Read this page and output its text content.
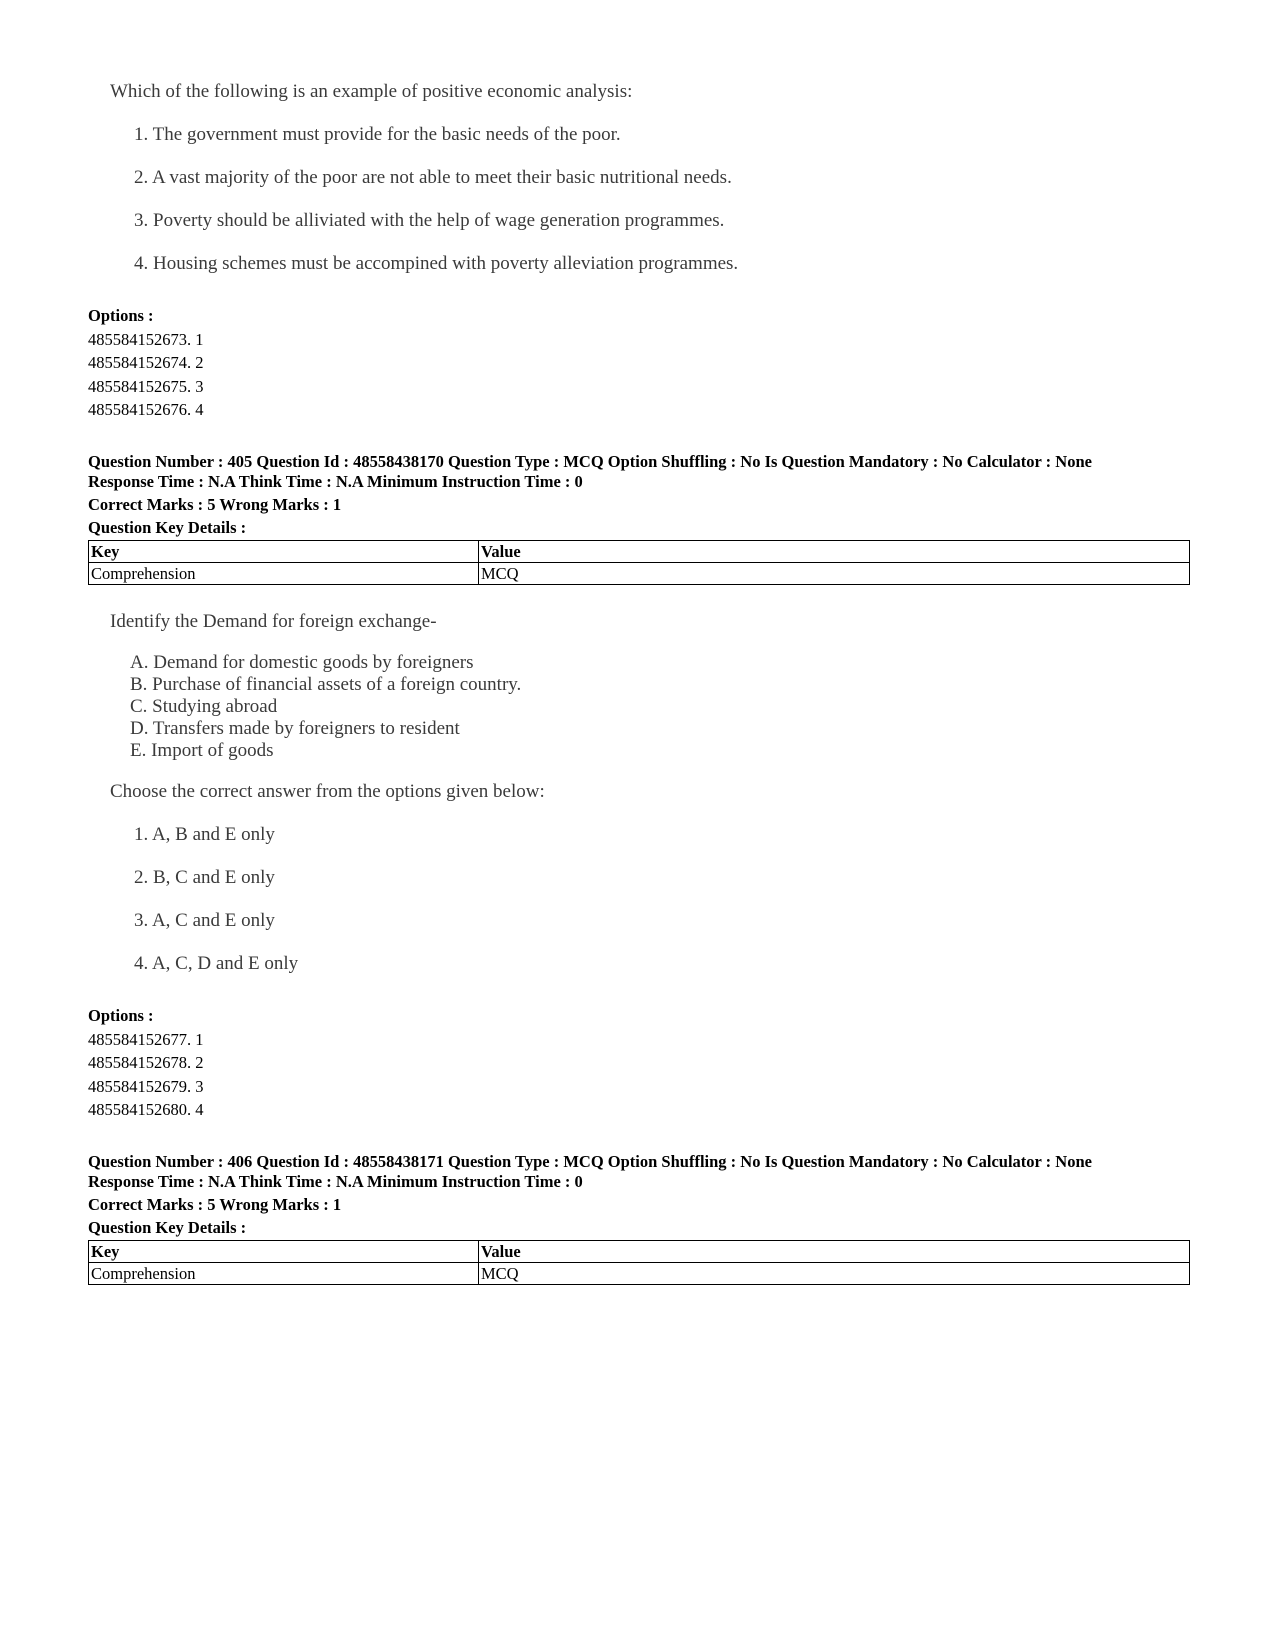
Which of the following is an example of positive economic analysis:

1. The government must provide for the basic needs of the poor.

2. A vast majority of the poor are not able to meet their basic nutritional needs.

3. Poverty should be alliviated with the help of wage generation programmes.

4. Housing schemes must be accompined with poverty alleviation programmes.

Options :
485584152673. 1
485584152674. 2
485584152675. 3
485584152676. 4
Question Number : 405 Question Id : 48558438170 Question Type : MCQ Option Shuffling : No Is Question Mandatory : No Calculator : None
Response Time : N.A Think Time : N.A Minimum Instruction Time : 0
Correct Marks : 5 Wrong Marks : 1
Question Key Details :
Key	Value
Comprehension	MCQ

Identify the Demand for foreign exchange-

A. Demand for domestic goods by foreigners

B. Purchase of financial assets of a foreign country.

C. Studying abroad

D. Transfers made by foreigners to resident

E. Import of goods

Choose the correct answer from the options given below:

1. A, B and E only

2. B, C and E only

3. A, C and E only

4. A, C, D and E only

Options :
485584152677. 1
485584152678. 2
485584152679. 3
485584152680. 4
Question Number : 406 Question Id : 48558438171 Question Type : MCQ Option Shuffling : No Is Question Mandatory : No Calculator : None
Response Time : N.A Think Time : N.A Minimum Instruction Time : 0
Correct Marks : 5 Wrong Marks : 1
Question Key Details :
Key	Value
Comprehension	MCQ
